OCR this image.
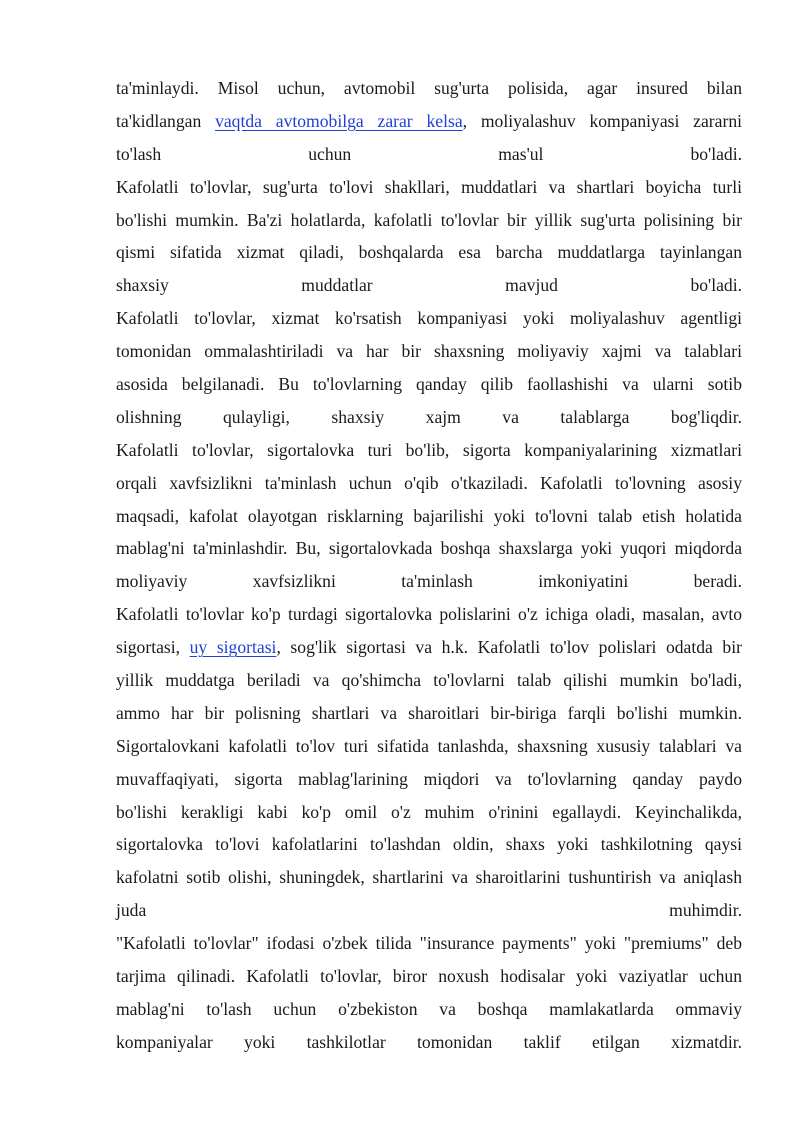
ta'minlaydi. Misol uchun, avtomobil sug'urta polisida, agar insured bilan
ta'kidlangan vaqtda avtomobilga zarar kelsa, moliyalashuv kompaniyasi zararni
to'lash uchun mas'ul bo'ladi.
Kafolatli to'lovlar, sug'urta to'lovi shakllari, muddatlari va shartlari boyicha turli
bo'lishi mumkin. Ba'zi holatlarda, kafolatli to'lovlar bir yillik sug'urta polisining bir
qismi sifatida xizmat qiladi, boshqalarda esa barcha muddatlarga tayinlangan
shaxsiy muddatlar mavjud bo'ladi.
Kafolatli to'lovlar, xizmat ko'rsatish kompaniyasi yoki moliyalashuv agentligi
tomonidan ommalashtiriladi va har bir shaxsning moliyaviy xajmi va talablari
asosida belgilanadi. Bu to'lovlarning qanday qilib faollashishi va ularni sotib
olishning qulayligi, shaxsiy xajm va talablarga bog'liqdir.
Kafolatli to'lovlar, sigortalovka turi bo'lib, sigorta kompaniyalarining xizmatlari
orqali xavfsizlikni ta'minlash uchun o'qib o'tkaziladi. Kafolatli to'lovning asosiy
maqsadi, kafolat olayotgan risklarning bajarilishi yoki to'lovni talab etish holatida
mablag'ni ta'minlashdir. Bu, sigortalovkada boshqa shaxslarga yoki yuqori miqdorda
moliyaviy xavfsizlikni ta'minlash imkoniyatini beradi.
Kafolatli to'lovlar ko'p turdagi sigortalovka polislarini o'z ichiga oladi, masalan, avto
sigortasi, uy sigortasi, sog'lik sigortasi va h.k. Kafolatli to'lov polislari odatda bir
yillik muddatga beriladi va qo'shimcha to'lovlarni talab qilishi mumkin bo'ladi,
ammo har bir polisning shartlari va sharoitlari bir-biriga farqli bo'lishi mumkin.
Sigortalovkani kafolatli to'lov turi sifatida tanlashda, shaxsning xususiy talablari va
muvaffaqiyati, sigorta mablag'larining miqdori va to'lovlarning qanday paydo
bo'lishi kerakligi kabi ko'p omil o'z muhim o'rinini egallaydi. Keyinchalikda,
sigortalovka to'lovi kafolatlarini to'lashdan oldin, shaxs yoki tashkilotning qaysi
kafolatni sotib olishi, shuningdek, shartlarini va sharoitlarini tushuntirish va aniqlash
juda muhimdir.
"Kafolatli to'lovlar" ifodasi o'zbek tilida "insurance payments" yoki "premiums" deb
tarjima qilinadi. Kafolatli to'lovlar, biror noxush hodisalar yoki vaziyatlar uchun
mablag'ni to'lash uchun o'zbekiston va boshqa mamlakatlarda ommaviy
kompaniyalar yoki tashkilotlar tomonidan taklif etilgan xizmatdir.
